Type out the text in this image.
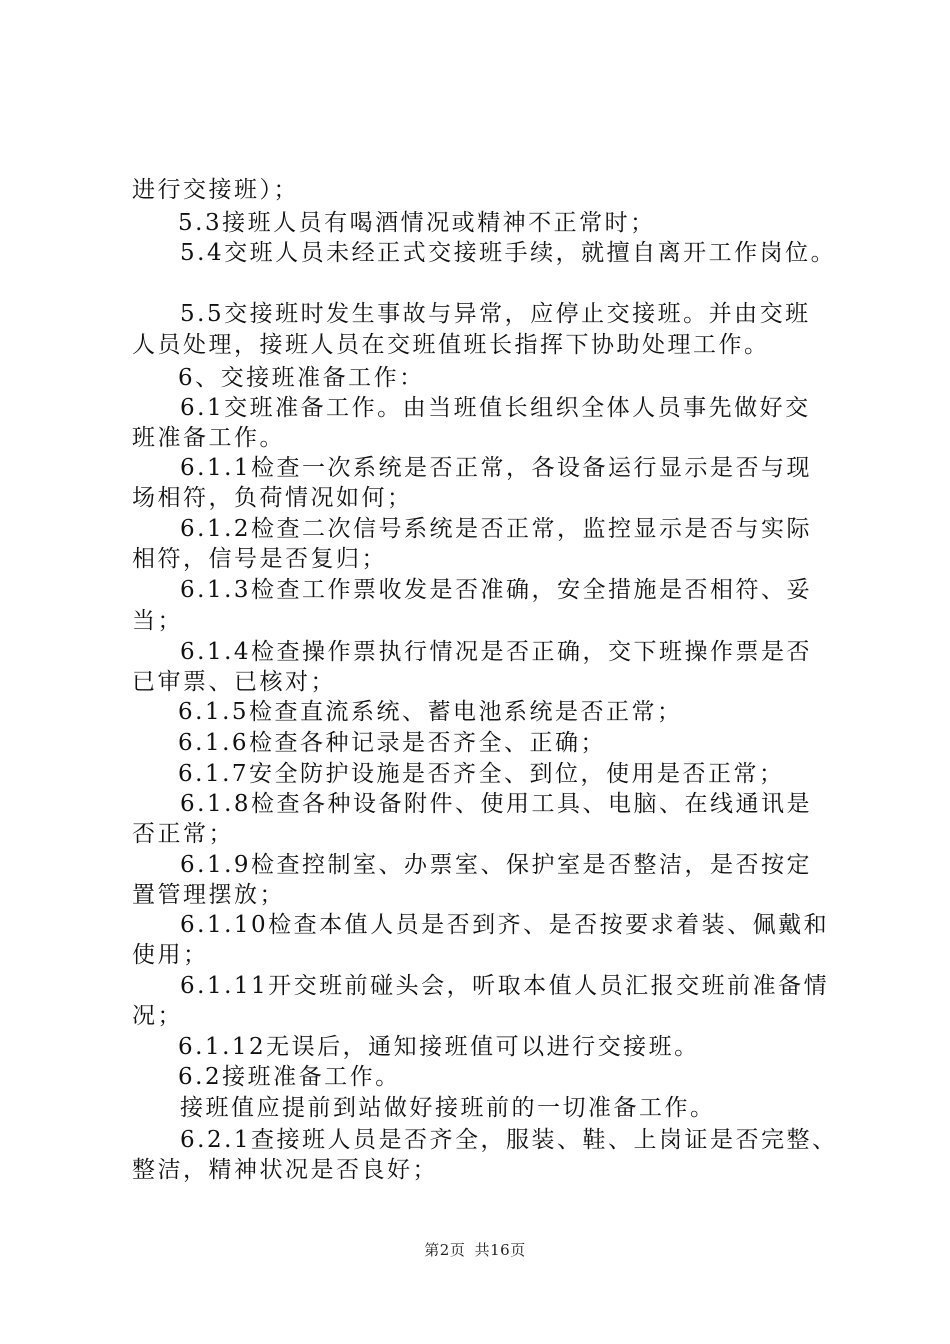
进行交接班）；
5.3接班人员有喝酒情况或精神不正常时；
5.4交班人员未经正式交接班手续，就擅自离开工作岗位。
5.5交接班时发生事故与异常，应停止交接班。并由交班
人员处理，接班人员在交班值班长指挥下协助处理工作。
6、交接班准备工作：
6.1交班准备工作。由当班值长组织全体人员事先做好交
班准备工作。
6.1.1检查一次系统是否正常，各设备运行显示是否与现
场相符，负荷情况如何；
6.1.2检查二次信号系统是否正常，监控显示是否与实际
相符，信号是否复归；
6.1.3检查工作票收发是否准确，安全措施是否相符、妥
当；
6.1.4检查操作票执行情况是否正确，交下班操作票是否
已审票、已核对；
6.1.5检查直流系统、蓄电池系统是否正常；
6.1.6检查各种记录是否齐全、正确；
6.1.7安全防护设施是否齐全、到位，使用是否正常；
6.1.8检查各种设备附件、使用工具、电脑、在线通讯是
否正常；
6.1.9检查控制室、办票室、保护室是否整洁，是否按定
置管理摆放；
6.1.10检查本值人员是否到齐、是否按要求着装、佩戴和
使用；
6.1.11开交班前碰头会，听取本值人员汇报交班前准备情
况；
6.1.12无误后，通知接班值可以进行交接班。
6.2接班准备工作。
接班值应提前到站做好接班前的一切准备工作。
6.2.1查接班人员是否齐全，服装、鞋、上岗证是否完整、
整洁，精神状况是否良好；
第2页 共16页
